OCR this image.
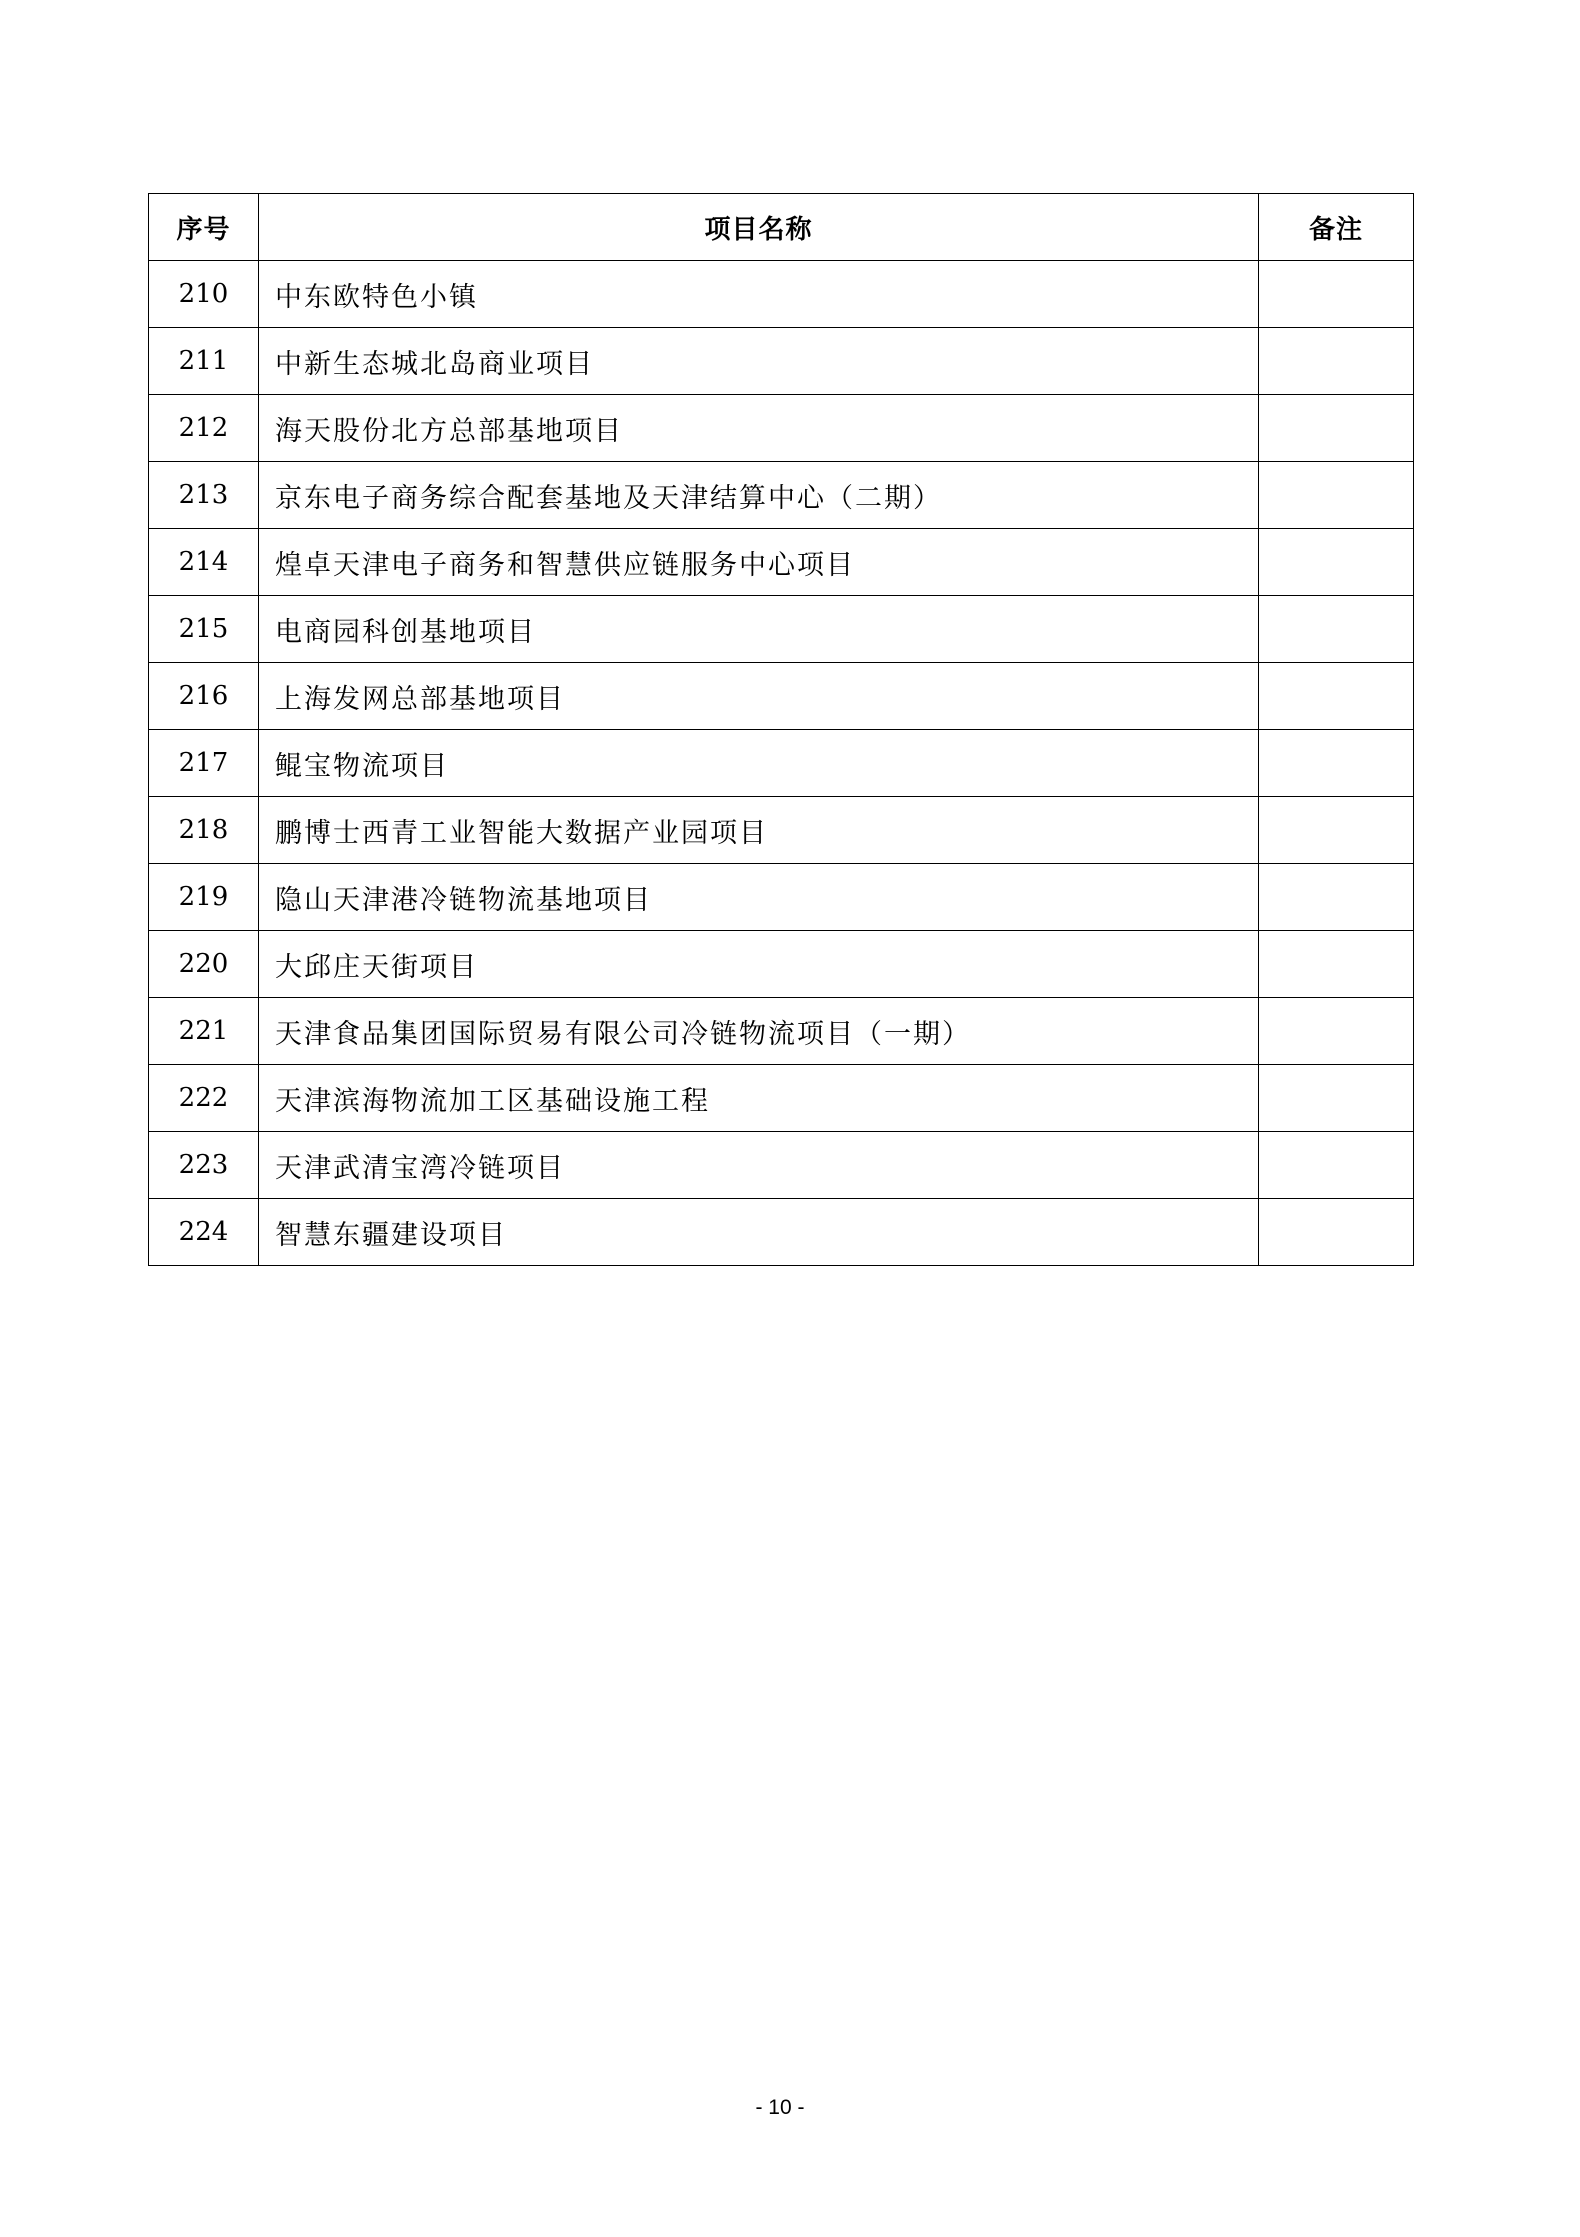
序号	项目名称	备注
210	中东欧特色小镇	
211	中新生态城北岛商业项目	
212	海天股份北方总部基地项目	
213	京东电子商务综合配套基地及天津结算中心（二期）	
214	煌卓天津电子商务和智慧供应链服务中心项目	
215	电商园科创基地项目	
216	上海发网总部基地项目	
217	鲲宝物流项目	
218	鹏博士西青工业智能大数据产业园项目	
219	隐山天津港冷链物流基地项目	
220	大邱庄天街项目	
221	天津食品集团国际贸易有限公司冷链物流项目（一期）	
222	天津滨海物流加工区基础设施工程	
223	天津武清宝湾冷链项目	
224	智慧东疆建设项目	
- 10 -
